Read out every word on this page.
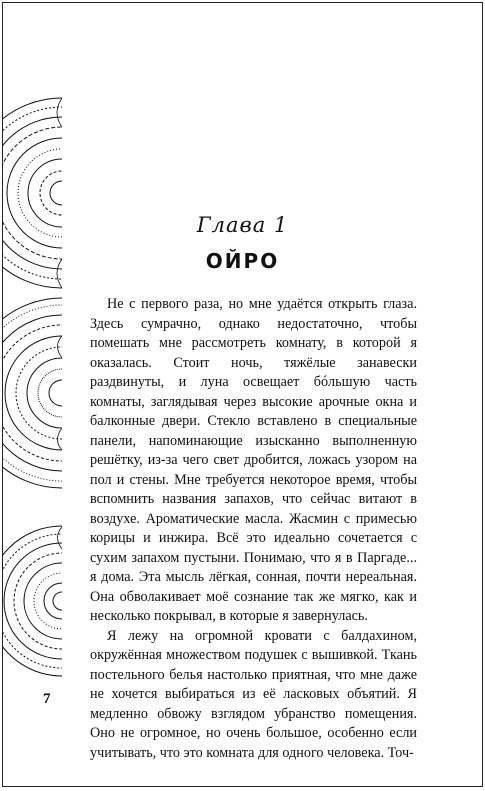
Глава 1
ОЙРО

Не с первого раза, но мне удаётся открыть глаза. Здесь сумрачно, однако недостаточно, чтобы помешать мне рассмотреть комнату, в которой я оказалась. Стоит ночь, тяжёлые занавески раздвинуты, и луна освещает бóльшую часть комнаты, заглядывая через высокие арочные окна и балконные двери. Стекло вставлено в специальные панели, напоминающие изысканно выполненную решётку, из-за чего свет дробится, ложась узором на пол и стены. Мне требуется некоторое время, чтобы вспомнить названия запахов, что сейчас витают в воздухе. Ароматические масла. Жасмин с примесью корицы и инжира. Всё это идеально сочетается с сухим запахом пустыни. Понимаю, что я в Паргаде... я дома. Эта мысль лёгкая, сонная, почти нереальная. Она обволакивает моё сознание так же мягко, как и несколько покрывал, в которые я завернулась.

Я лежу на огромной кровати с балдахином, окружённая множеством подушек с вышивкой. Ткань постельного белья настолько приятная, что мне даже не хочется выбираться из её ласковых объятий. Я медленно обвожу взглядом убранство помещения. Оно не огромное, но очень большое, особенно если учитывать, что это комната для одного человека. Точ-

7
